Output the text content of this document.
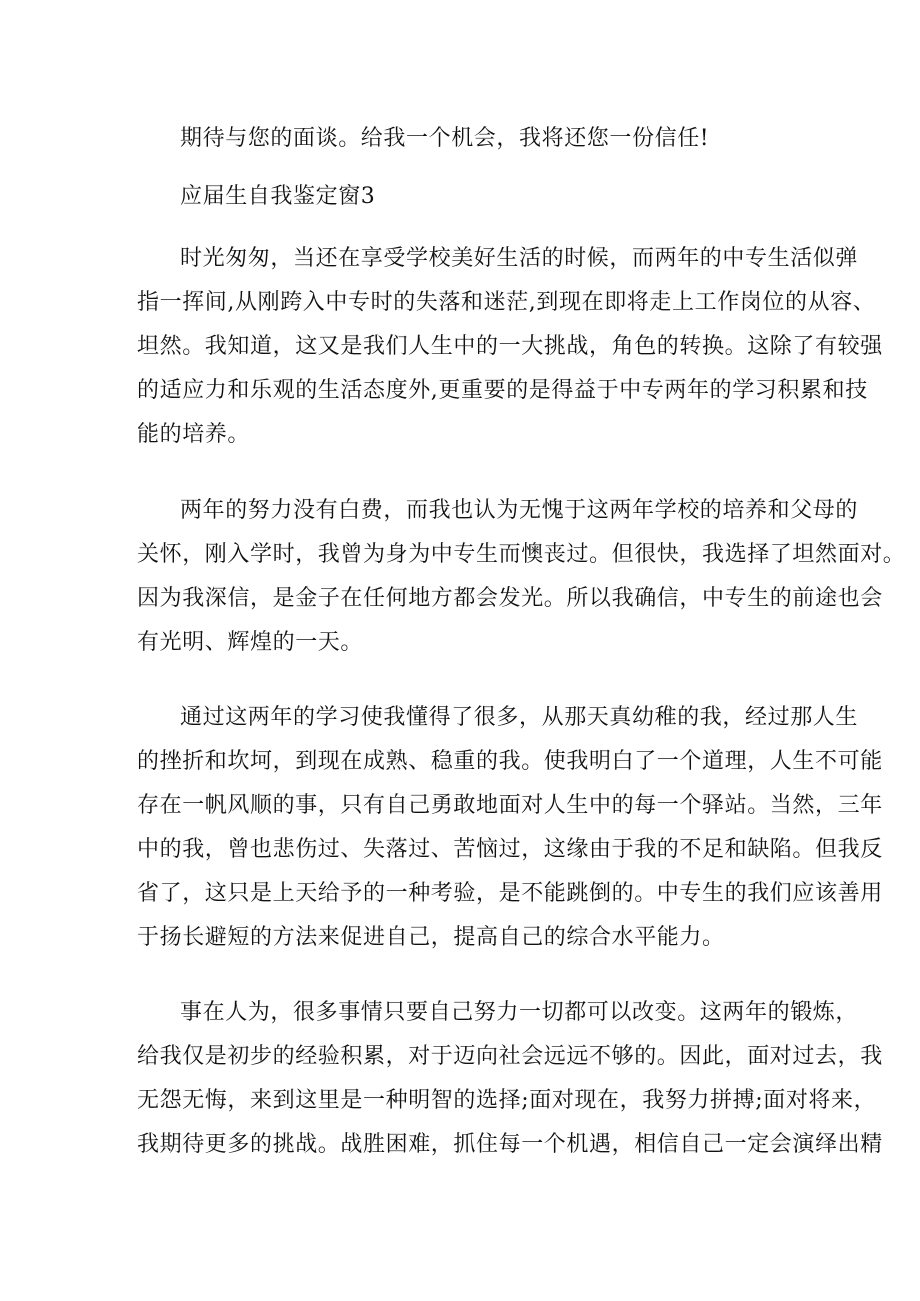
期待与您的面谈。给我一个机会，我将还您一份信任!
应届生自我鉴定窗3
时光匆匆，当还在享受学校美好生活的时候，而两年的中专生活似弹
指一挥间,从刚跨入中专时的失落和迷茫,到现在即将走上工作岗位的从容、
坦然。我知道，这又是我们人生中的一大挑战，角色的转换。这除了有较强
的适应力和乐观的生活态度外,更重要的是得益于中专两年的学习积累和技
能的培养。
两年的努力没有白费，而我也认为无愧于这两年学校的培养和父母的
关怀，刚入学时，我曾为身为中专生而懊丧过。但很快，我选择了坦然面对。
因为我深信，是金子在任何地方都会发光。所以我确信，中专生的前途也会
有光明、辉煌的一天。
通过这两年的学习使我懂得了很多，从那天真幼稚的我，经过那人生
的挫折和坎坷，到现在成熟、稳重的我。使我明白了一个道理，人生不可能
存在一帆风顺的事，只有自己勇敢地面对人生中的每一个驿站。当然，三年
中的我，曾也悲伤过、失落过、苦恼过，这缘由于我的不足和缺陷。但我反
省了，这只是上天给予的一种考验，是不能跳倒的。中专生的我们应该善用
于扬长避短的方法来促进自己，提高自己的综合水平能力。
事在人为，很多事情只要自己努力一切都可以改变。这两年的锻炼，
给我仅是初步的经验积累，对于迈向社会远远不够的。因此，面对过去，我
无怨无悔，来到这里是一种明智的选择;面对现在，我努力拼搏;面对将来，
我期待更多的挑战。战胜困难，抓住每一个机遇，相信自己一定会演绎出精
